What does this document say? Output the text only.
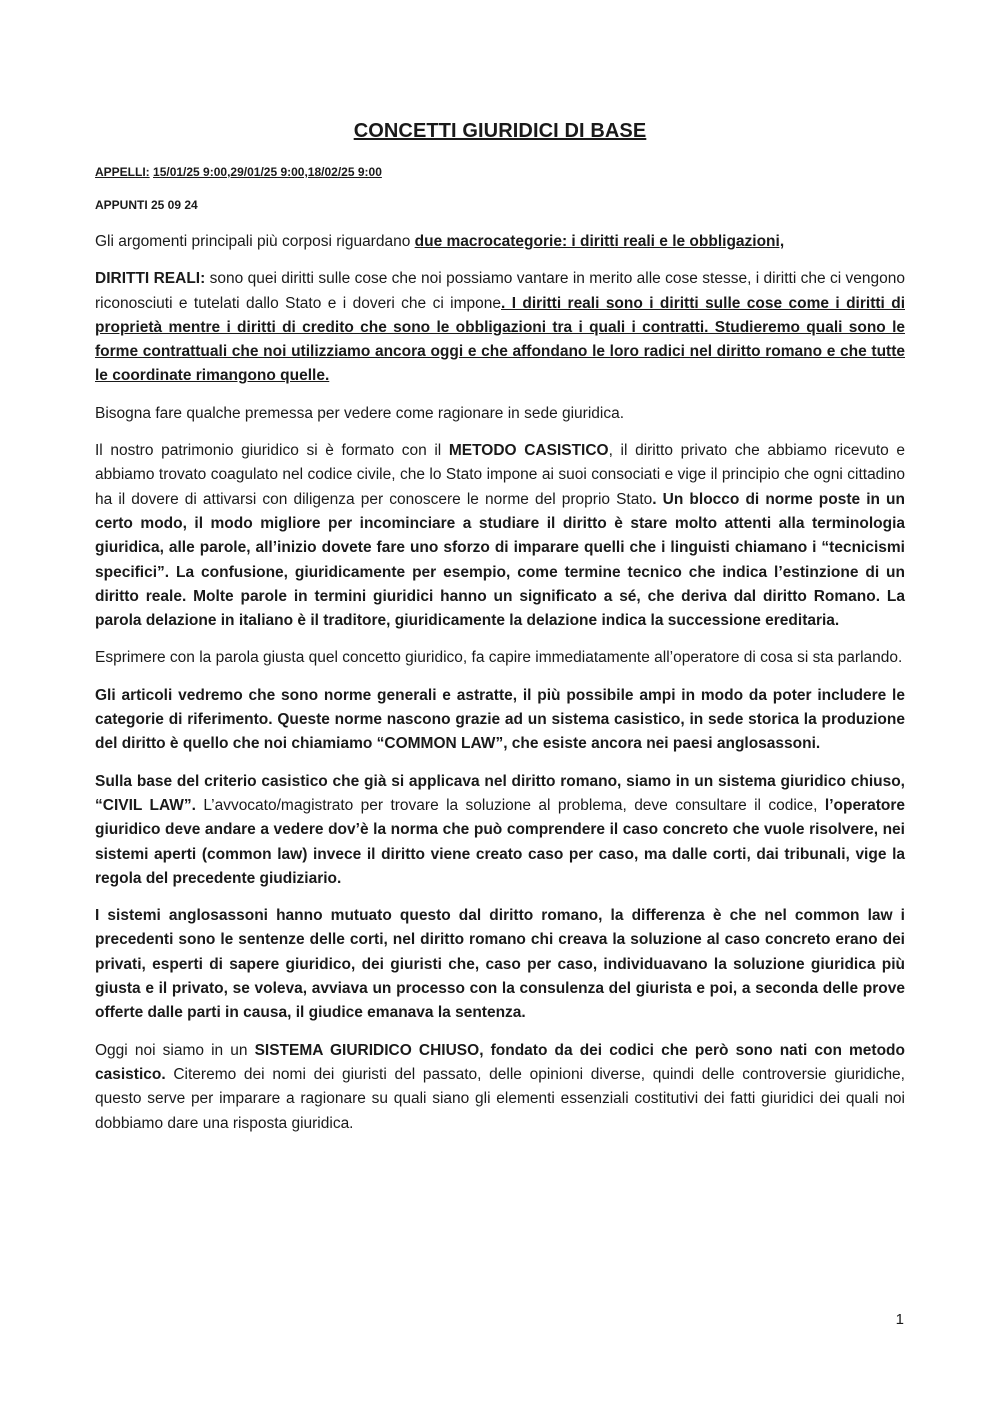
CONCETTI GIURIDICI DI BASE
APPELLI: 15/01/25 9:00,29/01/25 9:00,18/02/25 9:00
APPUNTI 25 09 24

Gli argomenti principali più corposi riguardano due macrocategorie: i diritti reali e le obbligazioni,

DIRITTI REALI: sono quei diritti sulle cose che noi possiamo vantare in merito alle cose stesse, i diritti che ci vengono riconosciuti e tutelati dallo Stato e i doveri che ci impone. I diritti reali sono i diritti sulle cose come i diritti di proprietà mentre i diritti di credito che sono le obbligazioni tra i quali i contratti. Studieremo quali sono le forme contrattuali che noi utilizziamo ancora oggi e che affondano le loro radici nel diritto romano e che tutte le coordinate rimangono quelle.

Bisogna fare qualche premessa per vedere come ragionare in sede giuridica.

Il nostro patrimonio giuridico si è formato con il METODO CASISTICO, il diritto privato che abbiamo ricevuto e abbiamo trovato coagulato nel codice civile, che lo Stato impone ai suoi consociati e vige il principio che ogni cittadino ha il dovere di attivarsi con diligenza per conoscere le norme del proprio Stato. Un blocco di norme poste in un certo modo, il modo migliore per incominciare a studiare il diritto è stare molto attenti alla terminologia giuridica, alle parole, all’inizio dovete fare uno sforzo di imparare quelli che i linguisti chiamano i “tecnicismi specifici”. La confusione, giuridicamente per esempio, come termine tecnico che indica l’estinzione di un diritto reale. Molte parole in termini giuridici hanno un significato a sé, che deriva dal diritto Romano. La parola delazione in italiano è il traditore, giuridicamente la delazione indica la successione ereditaria.

Esprimere con la parola giusta quel concetto giuridico, fa capire immediatamente all’operatore di cosa si sta parlando.

Gli articoli vedremo che sono norme generali e astratte, il più possibile ampi in modo da poter includere le categorie di riferimento. Queste norme nascono grazie ad un sistema casistico, in sede storica la produzione del diritto è quello che noi chiamiamo “COMMON LAW”, che esiste ancora nei paesi anglosassoni.

Sulla base del criterio casistico che già si applicava nel diritto romano, siamo in un sistema giuridico chiuso, “CIVIL LAW”. L’avvocato/magistrato per trovare la soluzione al problema, deve consultare il codice, l’operatore giuridico deve andare a vedere dov’è la norma che può comprendere il caso concreto che vuole risolvere, nei sistemi aperti (common law) invece il diritto viene creato caso per caso, ma dalle corti, dai tribunali, vige la regola del precedente giudiziario.

I sistemi anglosassoni hanno mutuato questo dal diritto romano, la differenza è che nel common law i precedenti sono le sentenze delle corti, nel diritto romano chi creava la soluzione al caso concreto erano dei privati, esperti di sapere giuridico, dei giuristi che, caso per caso, individuavano la soluzione giuridica più giusta e il privato, se voleva, avviava un processo con la consulenza del giurista e poi, a seconda delle prove offerte dalle parti in causa, il giudice emanava la sentenza.

Oggi noi siamo in un SISTEMA GIURIDICO CHIUSO, fondato da dei codici che però sono nati con metodo casistico. Citeremo dei nomi dei giuristi del passato, delle opinioni diverse, quindi delle controversie giuridiche, questo serve per imparare a ragionare su quali siano gli elementi essenziali costitutivi dei fatti giuridici dei quali noi dobbiamo dare una risposta giuridica.

1
